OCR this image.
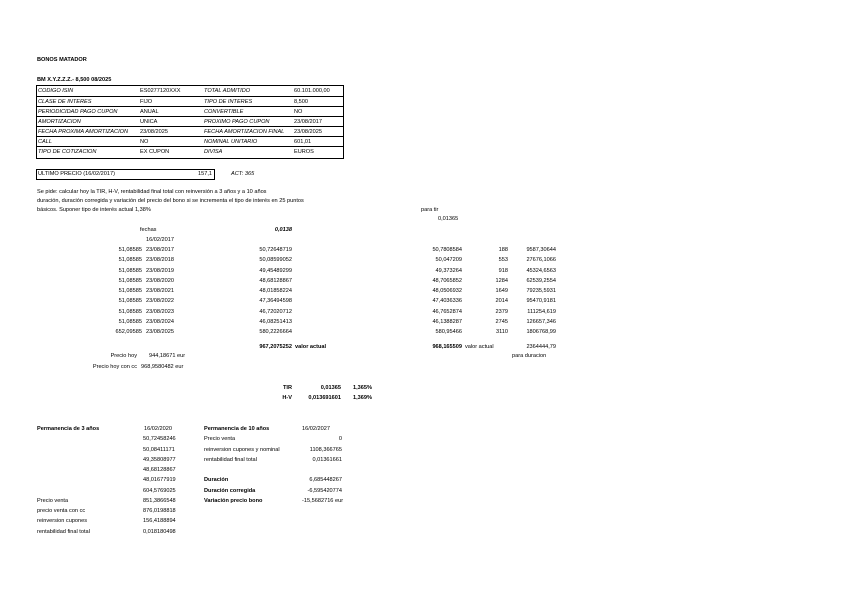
BONOS MATADOR
BM X.Y.Z.Z.Z.- 8,500 08/2025
CODIGO ISIN	ES0277120XXX	TOTAL ADMITIDO	60.101.000,00
CLASE DE INTERES	FIJO	TIPO DE INTERES	8,500
PERIODICIDAD PAGO CUPON	ANUAL	CONVERTIBLE	NO
AMORTIZACION	UNICA	PROXIMO PAGO CUPON	23/08/2017
FECHA PROXIMA AMORTIZACION 23/08/2025	FECHA AMORTIZACION FINAL 23/08/2025
CALL	NO	NOMINAL UNITARIO	601,01
TIPO DE COTIZACION	EX CUPON	DIVISA	EUROS
ULTIMO PRECIO (16/02/2017)	157,1	ACT: 365
Se pide: calcular hoy la TIR, H-V, rentabilidad final total con reinversión a 3 años y a 10 años
duración, duración corregida y variación del precio del bono si se incrementa el tipo de interés en 25 puntos
básicos. Suponer tipo de interés actual 1,38%	para tir
0,01365
fechas	0,0138
16/02/2017
51,08585 23/08/2017	50,72648719	50,7808584	188	9587,30644
51,08585 23/08/2018	50,08599052	50,047209	553	27676,1066
51,08585 23/08/2019	49,45489299	49,373264	918	45324,6563
51,08585 23/08/2020	48,68128867	48,7065852	1284	62539,2554
51,08585 23/08/2021	48,01858224	48,0506932	1649	79235,5931
51,08585 23/08/2022	47,36494598	47,4036336	2014	95470,9181
51,08585 23/08/2023	46,72020712	46,7652874	2379	111254,619
51,08585 23/08/2024	46,08251413	46,1388287	2745	126657,346
652,09585 23/08/2025	580,2226664	580,95466	3110	1806768,99
967,2075252 valor actual	968,165509 valor actual	2364444,79
para duracion
Precio hoy 944,18671 eur
Precio hoy con cc 968,9580482 eur
TIR	0,01365	1,365%
H-V	0,013691601	1,369%
Permanencia de 3 años	16/02/2020
50,72458246
50,08411171
49,35808977
48,68128867
48,01677919
604,5769025
Precio venta	851,3866548
precio venta con cc	876,0198818
reinversion cupones	156,4188894
rentabilidad final total	0,018180498
Permanencia de 10 años	16/02/2027
Precio venta	0
reinversion cupones y nominal	1108,366765
rentabilidad final total	0,01361661
Duración	6,685448267
Duración corregida	-6,595420774
Variación precio bono	-15,5682716 eur
